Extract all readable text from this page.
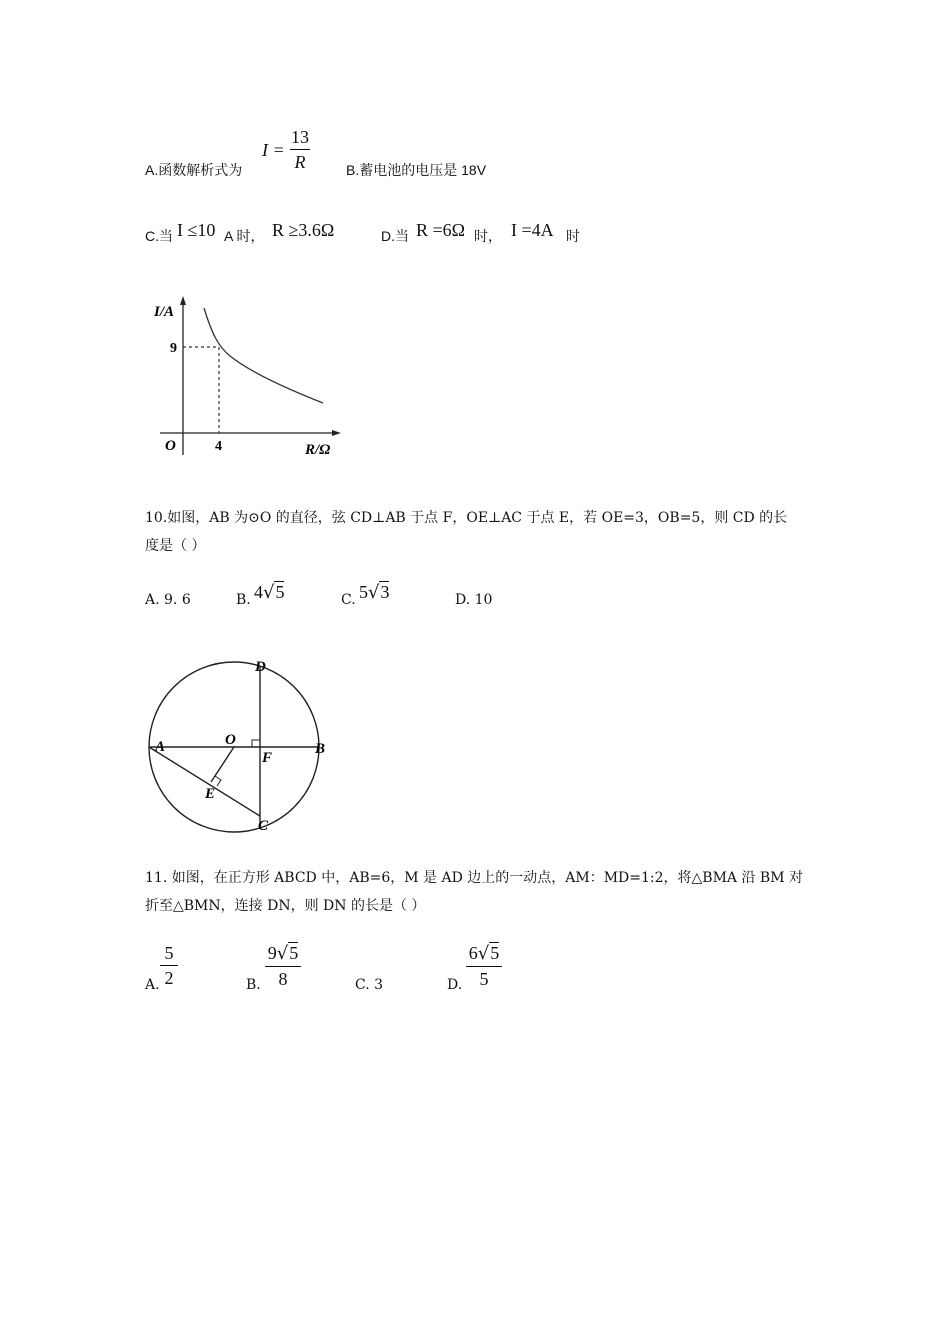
A.函数解析式为
I =
13
R	B.蓄电池的电压是 18V
C.当 I ≤10 A 时， R ≥3.6Ω	D.当 R =6Ω 时， I =4A 时
I/A
9
O	4	R/Ω
10.如图，AB 为⊙O 的直径，弦 CD⊥AB 于点 F，OE⊥AC 于点 E，若 OE=3，OB=5，则 CD 的长
度是（ ）
A. 9. 6	B. 4√5	C. 5√3	D. 10
D
A	B
O
F
E
C
11. 如图，在正方形 ABCD 中，AB=6，M 是 AD 边上的一动点，AM：MD=1:2，将△BMA 沿 BM 对
折至△BMN，连接 DN，则 DN 的长是（ ）
A.
5
2	B.
9√5
8	C. 3	D.
6√5
5
